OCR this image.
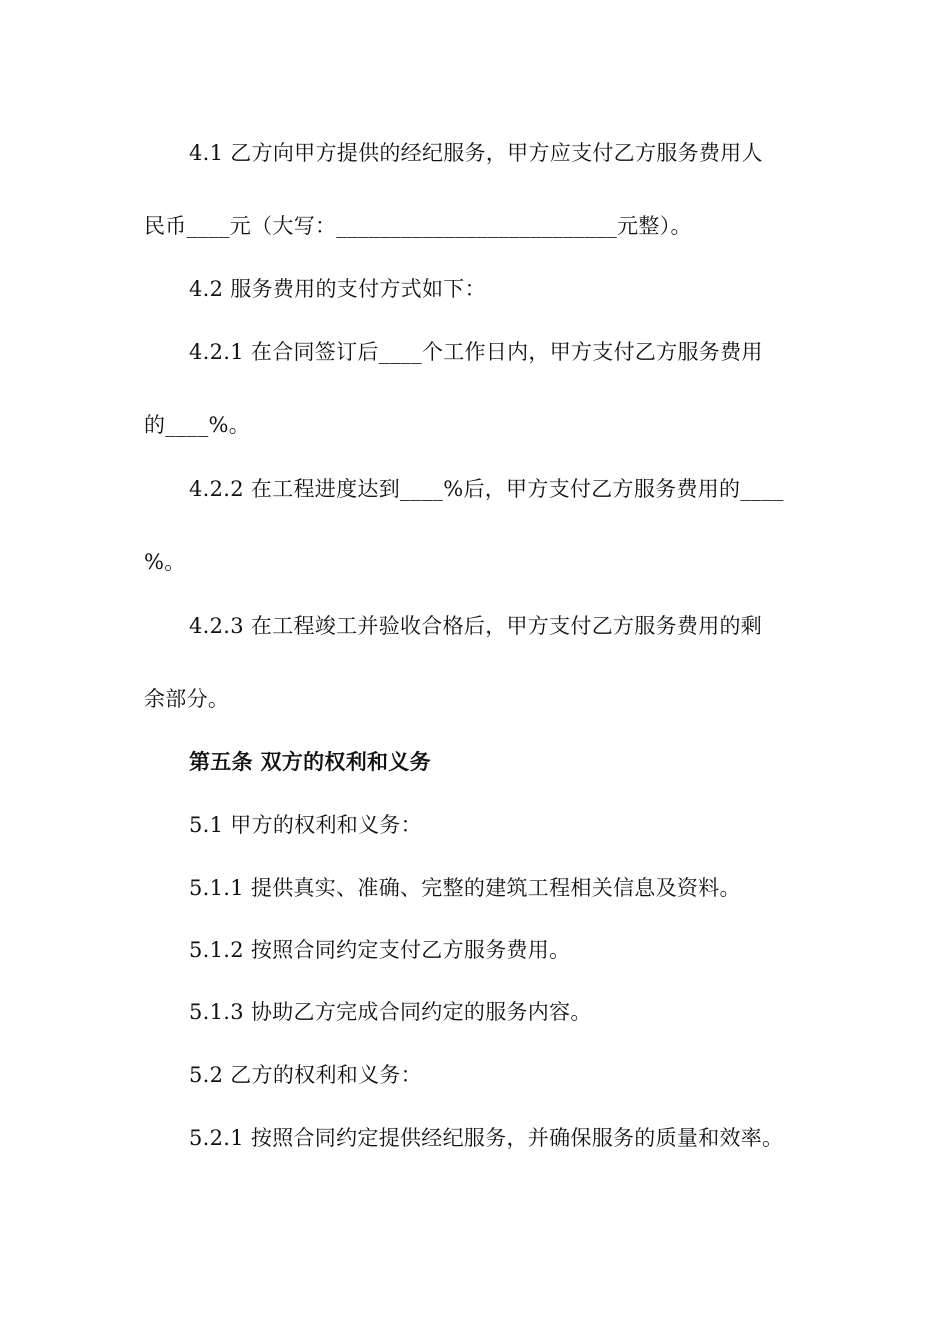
4.1 乙方向甲方提供的经纪服务，甲方应支付乙方服务费用人
民币____元（大写：__________________________元整）。
4.2 服务费用的支付方式如下：
4.2.1 在合同签订后____个工作日内，甲方支付乙方服务费用
的____%。
4.2.2 在工程进度达到____%后，甲方支付乙方服务费用的____
%。
4.2.3 在工程竣工并验收合格后，甲方支付乙方服务费用的剩
余部分。
第五条 双方的权利和义务
5.1 甲方的权利和义务：
5.1.1 提供真实、准确、完整的建筑工程相关信息及资料。
5.1.2 按照合同约定支付乙方服务费用。
5.1.3 协助乙方完成合同约定的服务内容。
5.2 乙方的权利和义务：
5.2.1 按照合同约定提供经纪服务，并确保服务的质量和效率。
